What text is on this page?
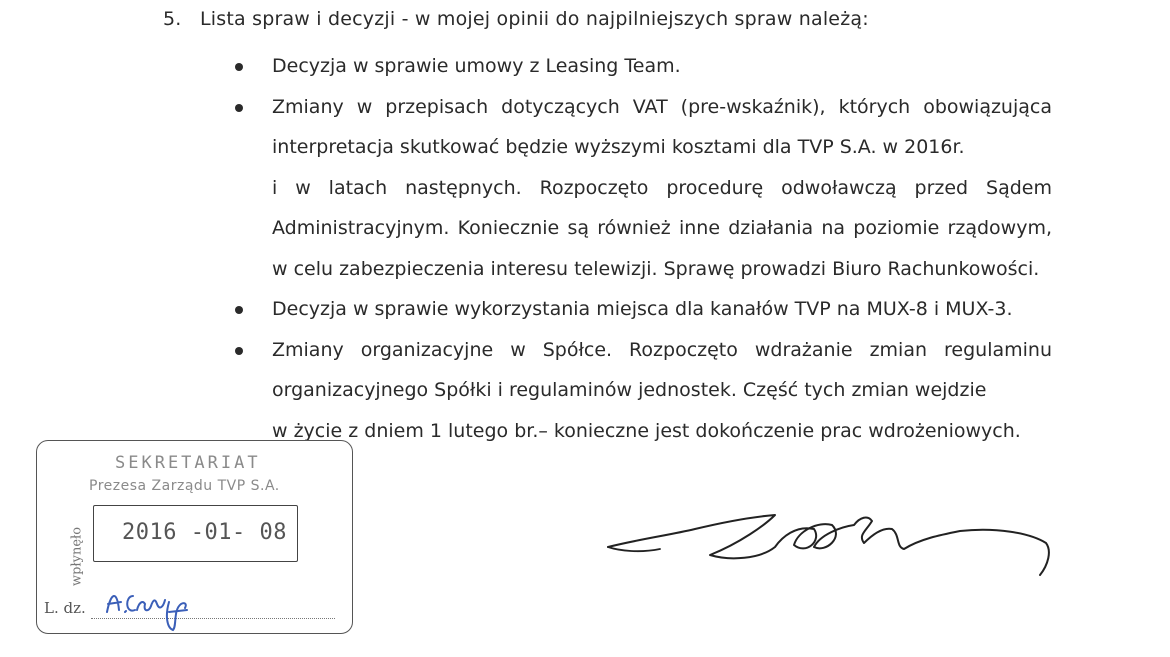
5. Lista spraw i decyzji - w mojej opinii do najpilniejszych spraw należą:
Decyzja w sprawie umowy z Leasing Team.
Zmiany w przepisach dotyczących VAT (pre-wskaźnik), których obowiązująca
interpretacja skutkować będzie wyższymi kosztami dla TVP S.A. w 2016r.
i w latach następnych. Rozpoczęto procedurę odwoławczą przed Sądem
Administracyjnym. Koniecznie są również inne działania na poziomie rządowym,
w celu zabezpieczenia interesu telewizji. Sprawę prowadzi Biuro Rachunkowości.
Decyzja w sprawie wykorzystania miejsca dla kanałów TVP na MUX-8 i MUX-3.
Zmiany organizacyjne w Spółce. Rozpoczęto wdrażanie zmian regulaminu
organizacyjnego Spółki i regulaminów jednostek. Część tych zmian wejdzie
w życie z dniem 1 lutego br.– konieczne jest dokończenie prac wdrożeniowych.
SEKRETARIAT
Prezesa Zarządu TVP S.A.
wpłynęło 2016 -01- 08
L. dz.
